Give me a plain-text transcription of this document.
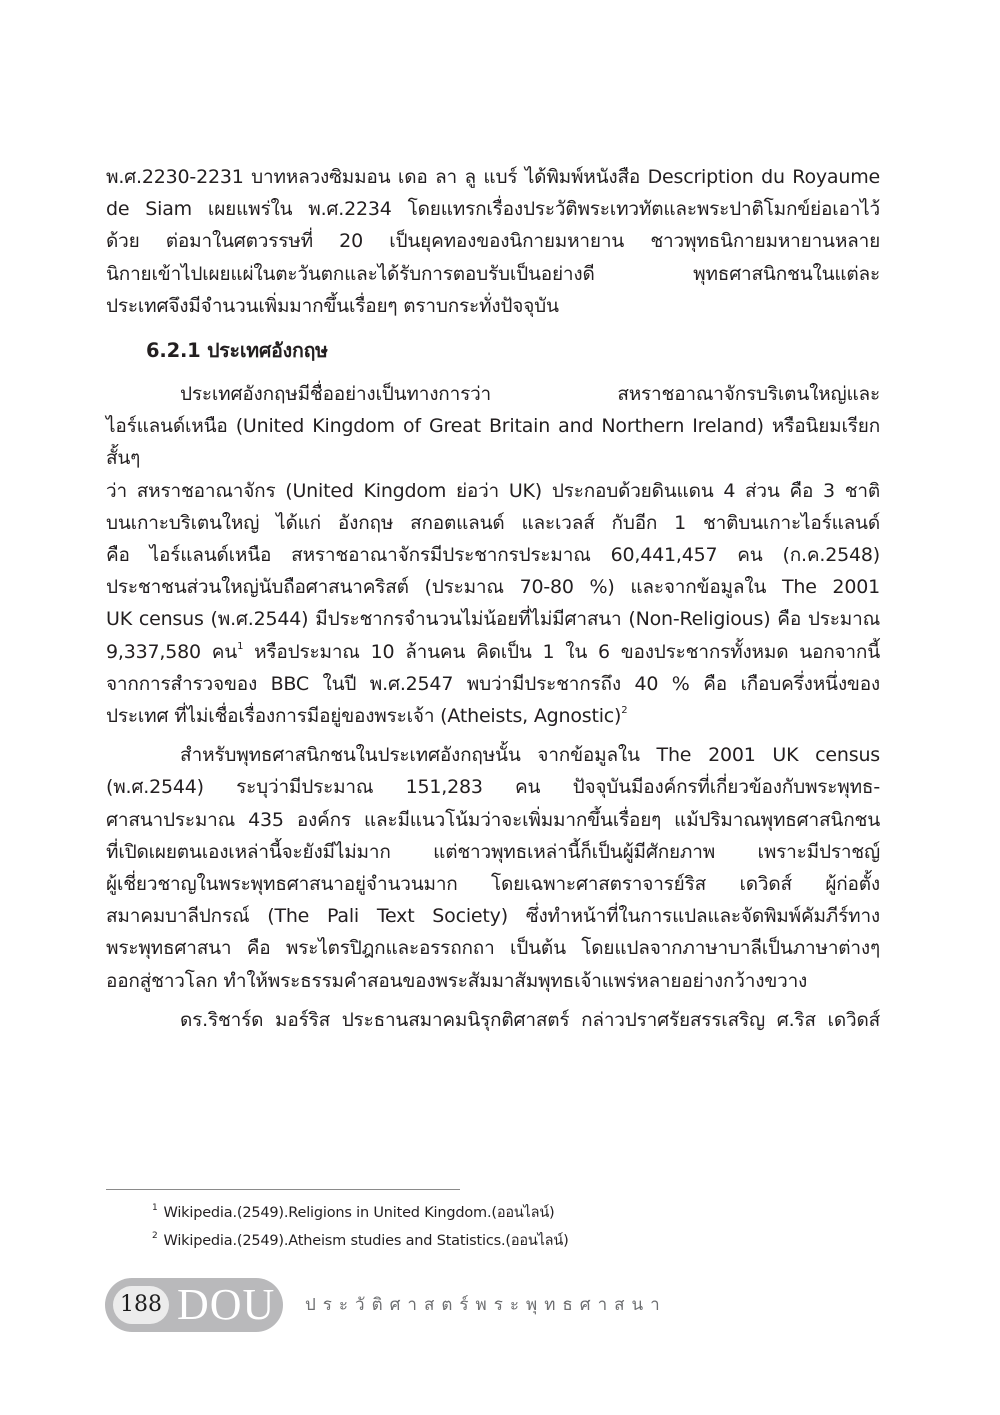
พ.ศ.2230-2231 บาทหลวงซิมมอน เดอ ลา ลู แบร์ ได้พิมพ์หนังสือ Description du Royaume

de Siam เผยแพร่ใน พ.ศ.2234 โดยแทรกเรื่องประวัติพระเทวทัตและพระปาติโมกข์ย่อเอาไว้

ด้วย ต่อมาในศตวรรษที่ 20 เป็นยุคทองของนิกายมหายาน ชาวพุทธนิกายมหายานหลาย

นิกายเข้าไปเผยแผ่ในตะวันตกและได้รับการตอบรับเป็นอย่างดี พุทธศาสนิกชนในแต่ละ

ประเทศจึงมีจำนวนเพิ่มมากขึ้นเรื่อยๆ ตราบกระทั่งปัจจุบัน

6.2.1 ประเทศอังกฤษ

ประเทศอังกฤษมีชื่ออย่างเป็นทางการว่า สหราชอาณาจักรบริเตนใหญ่และ

ไอร์แลนด์เหนือ (United Kingdom of Great Britain and Northern Ireland) หรือนิยมเรียกสั้นๆ

ว่า สหราชอาณาจักร (United Kingdom ย่อว่า UK) ประกอบด้วยดินแดน 4 ส่วน คือ 3 ชาติ

บนเกาะบริเตนใหญ่ ได้แก่ อังกฤษ สกอตแลนด์ และเวลส์ กับอีก 1 ชาติบนเกาะไอร์แลนด์

คือ ไอร์แลนด์เหนือ สหราชอาณาจักรมีประชากรประมาณ 60,441,457 คน (ก.ค.2548)

ประชาชนส่วนใหญ่นับถือศาสนาคริสต์ (ประมาณ 70-80 %) และจากข้อมูลใน The 2001

UK census (พ.ศ.2544) มีประชากรจำนวนไม่น้อยที่ไม่มีศาสนา (Non-Religious) คือ ประมาณ

9,337,580 คน$^1$ หรือประมาณ 10 ล้านคน คิดเป็น 1 ใน 6 ของประชากรทั้งหมด นอกจากนี้

จากการสำรวจของ BBC ในปี พ.ศ.2547 พบว่ามีประชากรถึง 40 % คือ เกือบครึ่งหนึ่งของ

ประเทศ ที่ไม่เชื่อเรื่องการมีอยู่ของพระเจ้า (Atheists, Agnostic)$^2$

สำหรับพุทธศาสนิกชนในประเทศอังกฤษนั้น จากข้อมูลใน The 2001 UK census

(พ.ศ.2544) ระบุว่ามีประมาณ 151,283 คน ปัจจุบันมีองค์กรที่เกี่ยวข้องกับพระพุทธ-

ศาสนาประมาณ 435 องค์กร และมีแนวโน้มว่าจะเพิ่มมากขึ้นเรื่อยๆ แม้ปริมาณพุทธศาสนิกชน

ที่เปิดเผยตนเองเหล่านี้จะยังมีไม่มาก แต่ชาวพุทธเหล่านี้ก็เป็นผู้มีศักยภาพ เพราะมีปราชญ์

ผู้เชี่ยวชาญในพระพุทธศาสนาอยู่จำนวนมาก โดยเฉพาะศาสตราจารย์ริส เดวิดส์ ผู้ก่อตั้ง

สมาคมบาลีปกรณ์ (The Pali Text Society) ซึ่งทำหน้าที่ในการแปลและจัดพิมพ์คัมภีร์ทาง

พระพุทธศาสนา คือ พระไตรปิฎกและอรรถกถา เป็นต้น โดยแปลจากภาษาบาลีเป็นภาษาต่างๆ

ออกสู่ชาวโลก ทำให้พระธรรมคำสอนของพระสัมมาสัมพุทธเจ้าแพร่หลายอย่างกว้างขวาง

ดร.ริชาร์ด มอร์ริส ประธานสมาคมนิรุกติศาสตร์ กล่าวปราศรัยสรรเสริญ ศ.ริส เดวิดส์

$^1$ Wikipedia.(2549).Religions in United Kingdom.(ออนไลน์)
$^2$ Wikipedia.(2549).Atheism studies and Statistics.(ออนไลน์)
188 DOU ประวัติศาสตร์พระพุทธศาสนา
